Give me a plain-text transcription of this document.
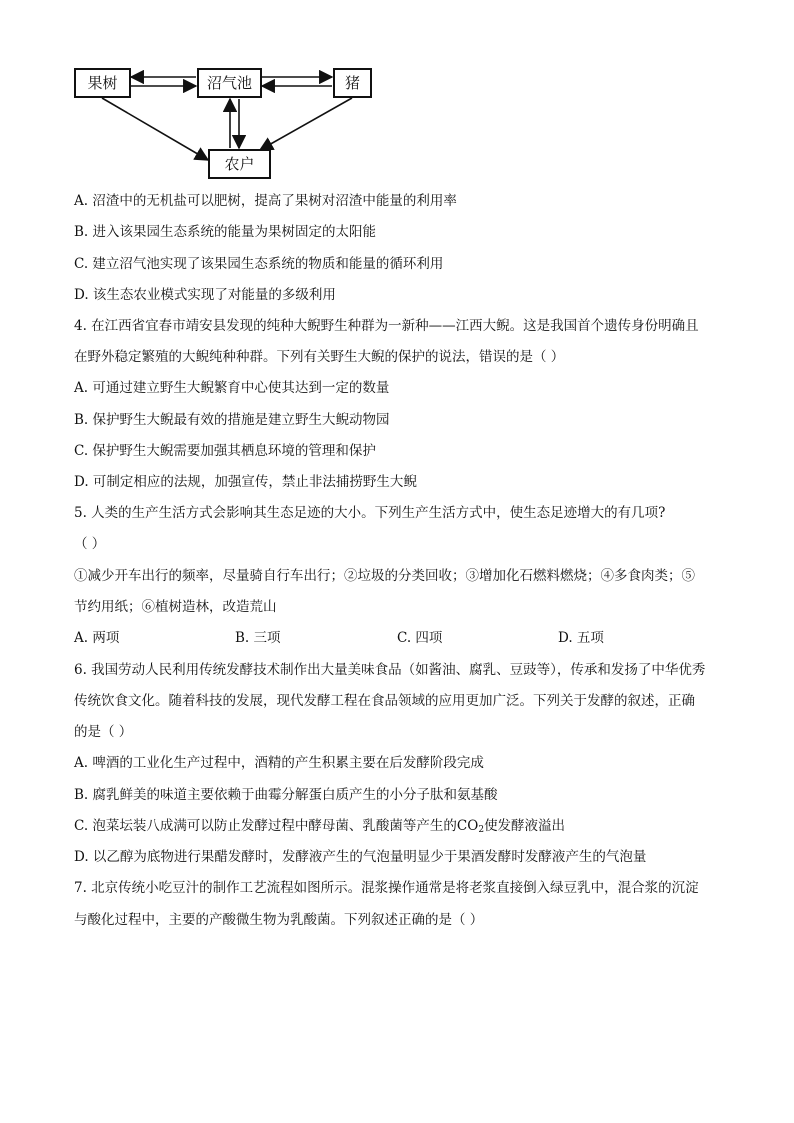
果树	沼气池	猪
农户
A. 沼渣中的无机盐可以肥树，提高了果树对沼渣中能量的利用率
B. 进入该果园生态系统的能量为果树固定的太阳能
C. 建立沼气池实现了该果园生态系统的物质和能量的循环利用
D. 该生态农业模式实现了对能量的多级利用
4. 在江西省宜春市靖安县发现的纯种大鲵野生种群为一新种——江西大鲵。这是我国首个遗传身份明确且
在野外稳定繁殖的大鲵纯种种群。下列有关野生大鲵的保护的说法，错误的是（ ）
A. 可通过建立野生大鲵繁育中心使其达到一定的数量
B. 保护野生大鲵最有效的措施是建立野生大鲵动物园
C. 保护野生大鲵需要加强其栖息环境的管理和保护
D. 可制定相应的法规，加强宣传，禁止非法捕捞野生大鲵
5. 人类的生产生活方式会影响其生态足迹的大小。下列生产生活方式中，使生态足迹增大的有几项?
（ ）
①减少开车出行的频率，尽量骑自行车出行；②垃圾的分类回收；③增加化石燃料燃烧；④多食肉类；⑤
节约用纸；⑥植树造林，改造荒山
A. 两项	B. 三项	C. 四项	D. 五项
6. 我国劳动人民利用传统发酵技术制作出大量美味食品（如酱油、腐乳、豆豉等），传承和发扬了中华优秀
传统饮食文化。随着科技的发展，现代发酵工程在食品领域的应用更加广泛。下列关于发酵的叙述，正确
的是（ ）
A. 啤酒的工业化生产过程中，酒精的产生积累主要在后发酵阶段完成
B. 腐乳鲜美的味道主要依赖于曲霉分解蛋白质产生的小分子肽和氨基酸
C. 泡菜坛装八成满可以防止发酵过程中酵母菌、乳酸菌等产生的$CO_2$使发酵液溢出
D. 以乙醇为底物进行果醋发酵时，发酵液产生的气泡量明显少于果酒发酵时发酵液产生的气泡量
7. 北京传统小吃豆汁的制作工艺流程如图所示。混浆操作通常是将老浆直接倒入绿豆乳中，混合浆的沉淀
与酸化过程中，主要的产酸微生物为乳酸菌。下列叙述正确的是（ ）
